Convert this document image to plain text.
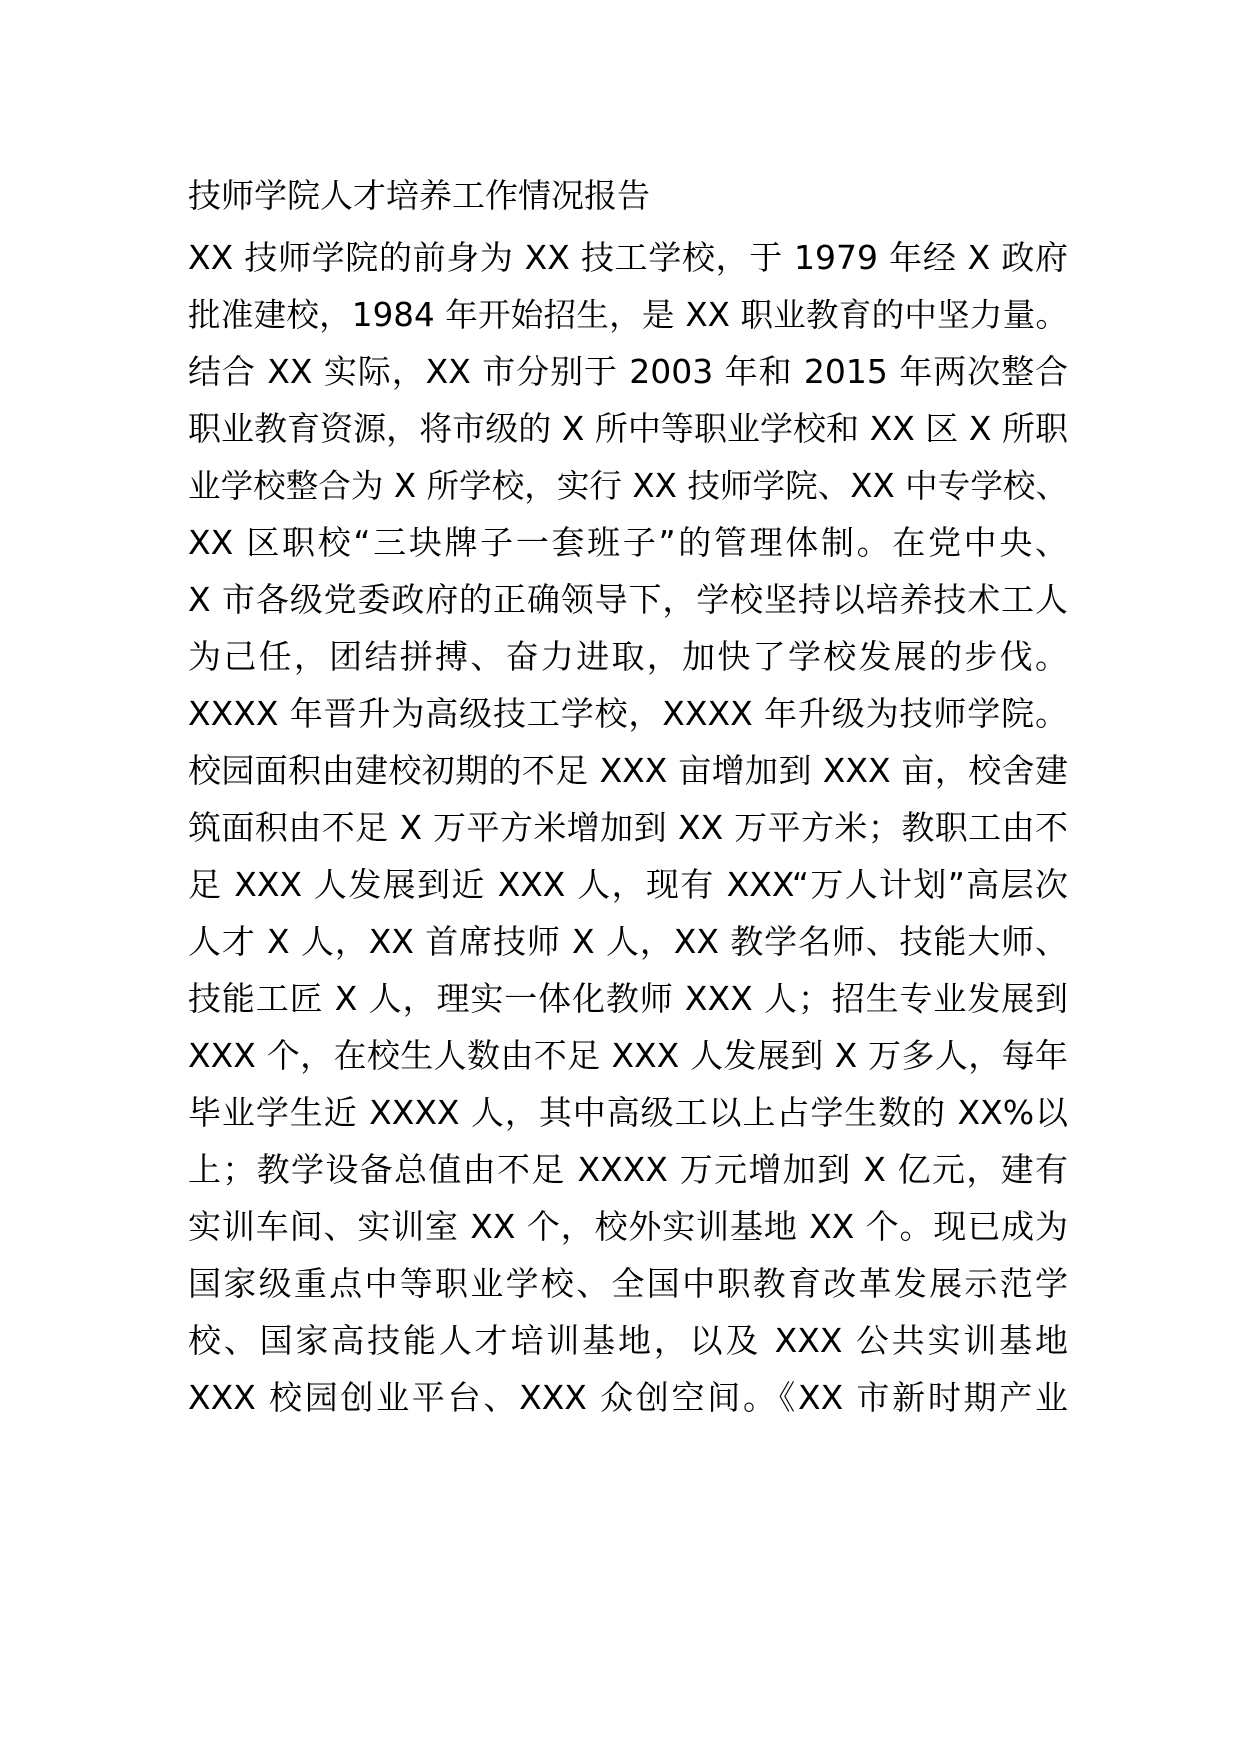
技师学院人才培养工作情况报告

XX 技师学院的前身为 XX 技工学校，于 1979 年经 X 政府

批准建校，1984 年开始招生，是 XX 职业教育的中坚力量。

结合 XX 实际，XX 市分别于 2003 年和 2015 年两次整合

职业教育资源，将市级的 X 所中等职业学校和 XX 区 X 所职

业学校整合为 X 所学校，实行 XX 技师学院、XX 中专学校、

XX 区职校“三块牌子一套班子”的管理体制。在党中央、

X 市各级党委政府的正确领导下，学校坚持以培养技术工人

为己任，团结拼搏、奋力进取，加快了学校发展的步伐。

XXXX 年晋升为高级技工学校，XXXX 年升级为技师学院。

校园面积由建校初期的不足 XXX 亩增加到 XXX 亩，校舍建

筑面积由不足 X 万平方米增加到 XX 万平方米；教职工由不

足 XXX 人发展到近 XXX 人，现有 XXX“万人计划”高层次

人才 X 人，XX 首席技师 X 人，XX 教学名师、技能大师、

技能工匠 X 人，理实一体化教师 XXX 人；招生专业发展到

XXX 个，在校生人数由不足 XXX 人发展到 X 万多人，每年

毕业学生近 XXXX 人，其中高级工以上占学生数的 XX%以

上；教学设备总值由不足 XXXX 万元增加到 X 亿元，建有

实训车间、实训室 XX 个，校外实训基地 XX 个。现已成为

国家级重点中等职业学校、全国中职教育改革发展示范学

校、国家高技能人才培训基地，以及 XXX 公共实训基地

XXX 校园创业平台、XXX 众创空间。《XX 市新时期产业
